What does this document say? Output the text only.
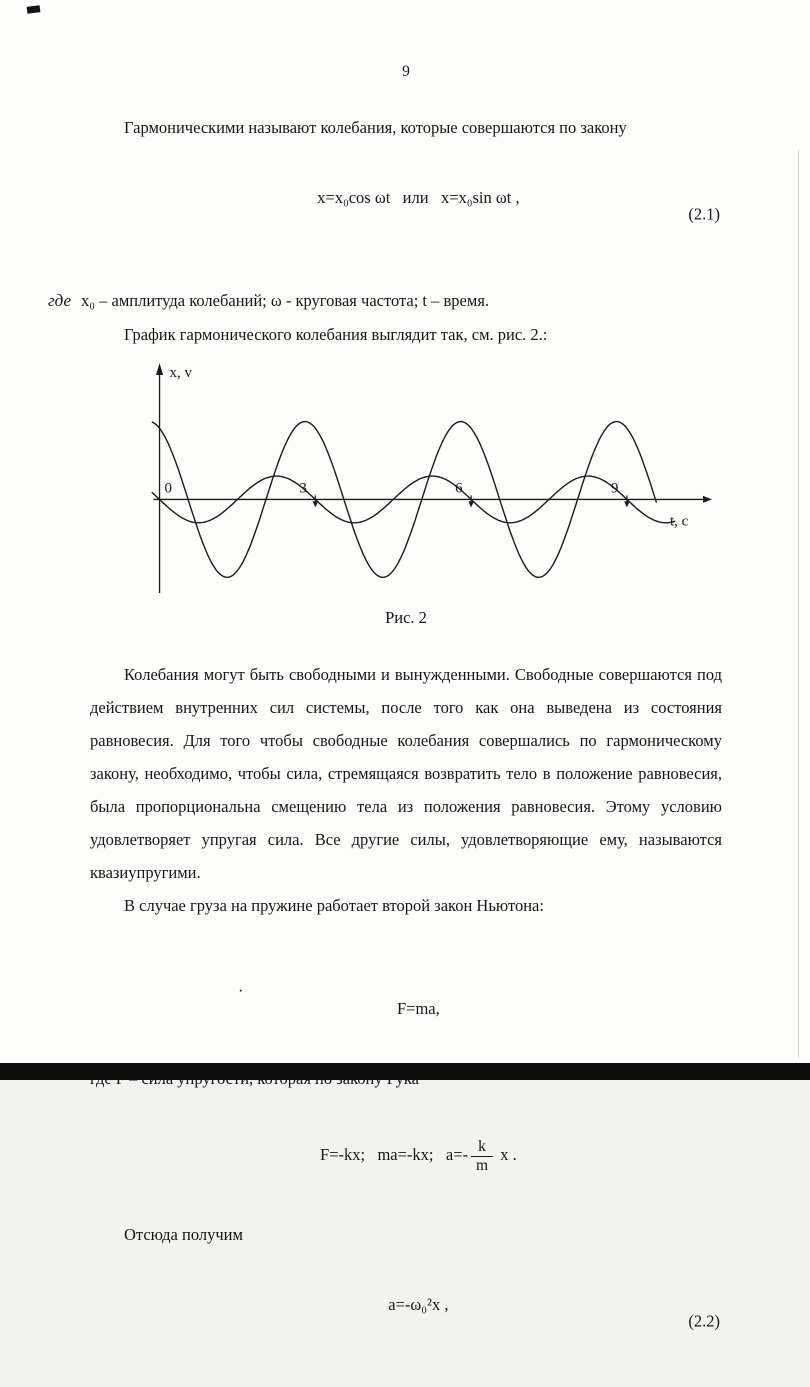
9

Гармоническими называют колебания, которые совершаются по закону

x=x₀cos ωt   или   x=x₀sin ωt ,

(2.1)

где x₀ – амплитуда колебаний; ω - круговая частота; t – время.

График гармонического колебания выглядит так, см. рис. 2.:

x, v
t, c
0	3	6	9

Рис. 2

Колебания могут быть свободными и вынужденными. Свободные совершаются под действием внутренних сил системы, после того как она выведена из состояния равновесия. Для того чтобы свободные колебания совершались по гармоническому закону, необходимо, чтобы сила, стремящаяся возвратить тело в положение равновесия, была пропорциональна смещению тела из положения равновесия. Этому условию удовлетворяет упругая сила. Все другие силы, удовлетворяющие ему, называются квазиупругими.

В случае груза на пружине работает второй закон Ньютона:

·

F=ma,

F=-kx;   ma=-kx;   $a=- \frac{k}{m}$ x .

Отсюда получим

a=-ω₀²x ,

(2.2)
